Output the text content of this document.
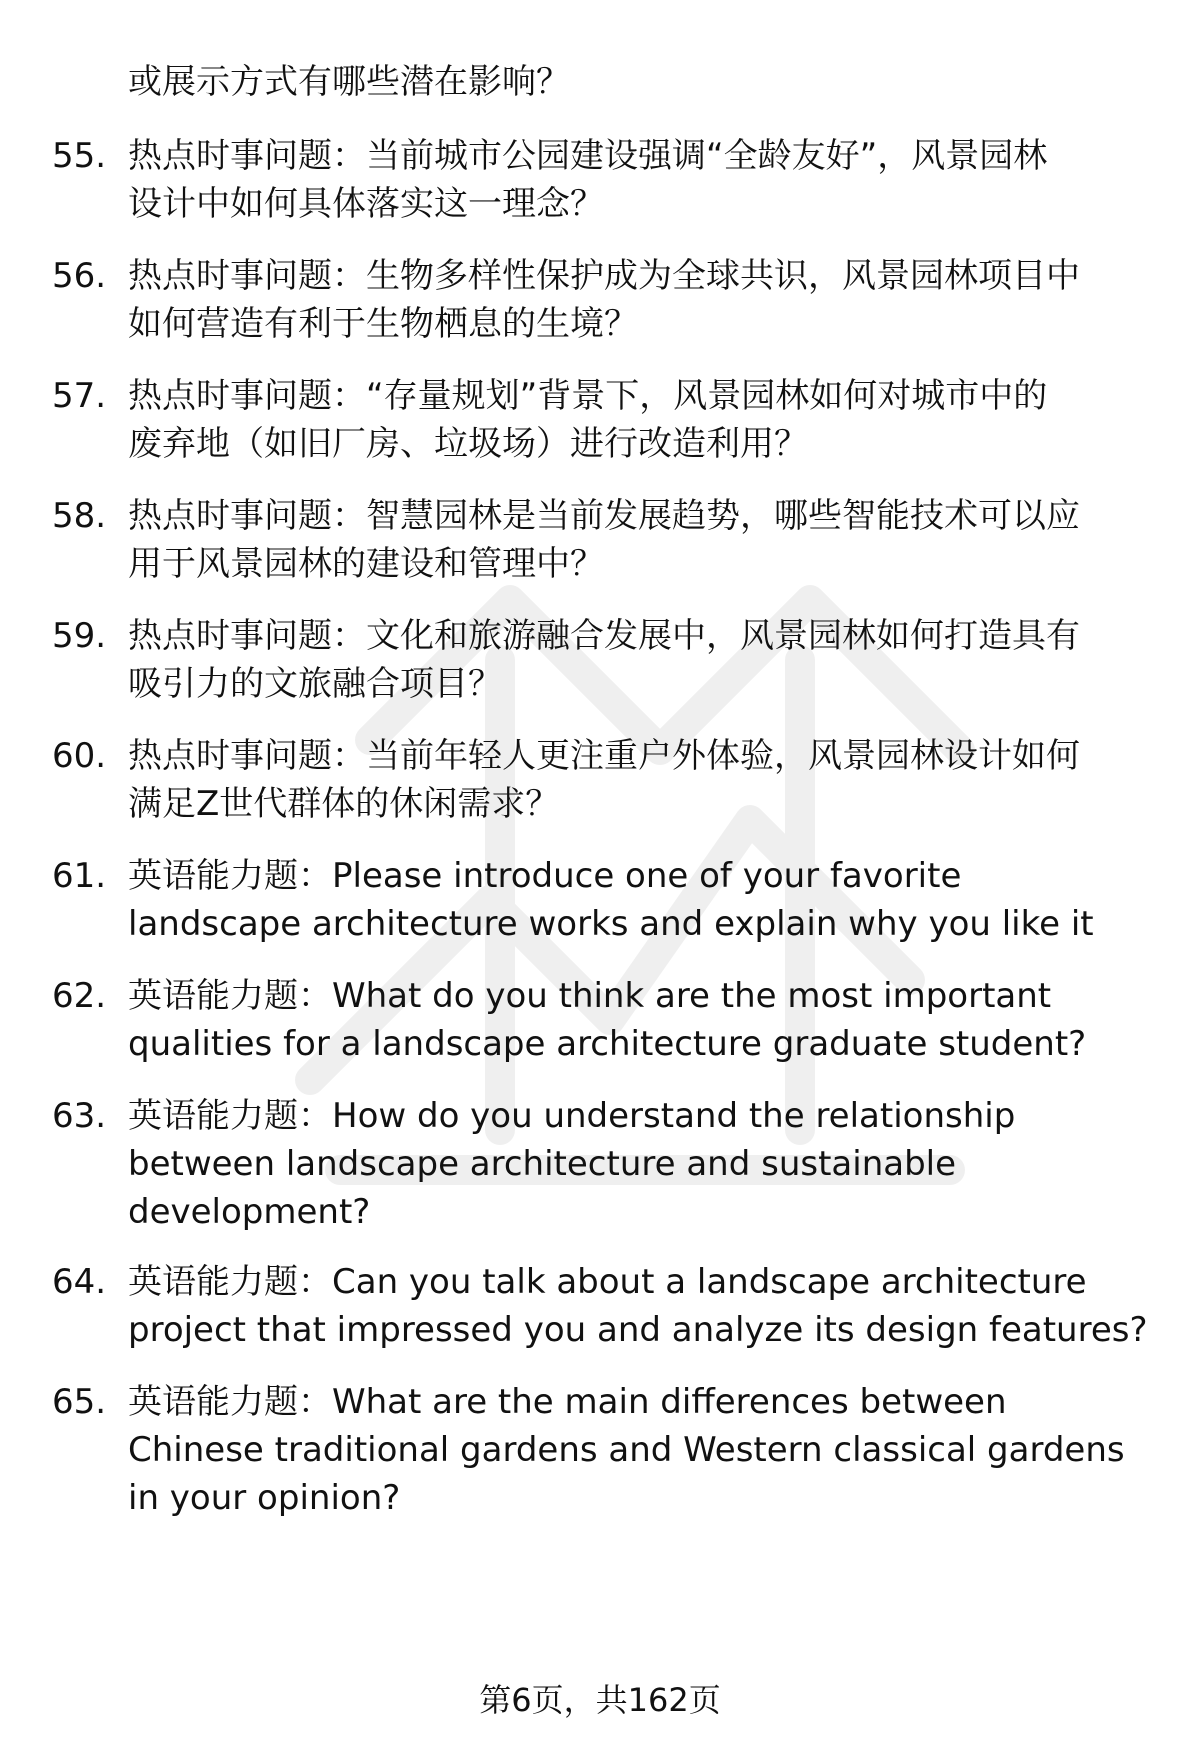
或展示方式有哪些潜在影响？
55. 热点时事问题：当前城市公园建设强调“全龄友好”，风景园林
设计中如何具体落实这一理念？
56. 热点时事问题：生物多样性保护成为全球共识，风景园林项目中
如何营造有利于生物栖息的生境？
57. 热点时事问题：“存量规划”背景下，风景园林如何对城市中的
废弃地（如旧厂房、垃圾场）进行改造利用？
58. 热点时事问题：智慧园林是当前发展趋势，哪些智能技术可以应
用于风景园林的建设和管理中？
59. 热点时事问题：文化和旅游融合发展中，风景园林如何打造具有
吸引力的文旅融合项目？
60. 热点时事问题：当前年轻人更注重户外体验，风景园林设计如何
满足Z世代群体的休闲需求？
61. 英语能力题：Please introduce one of your favorite
landscape architecture works and explain why you like it
62. 英语能力题：What do you think are the most important
qualities for a landscape architecture graduate student?
63. 英语能力题：How do you understand the relationship
between landscape architecture and sustainable
development?
64. 英语能力题：Can you talk about a landscape architecture
project that impressed you and analyze its design features?
65. 英语能力题：What are the main differences between
Chinese traditional gardens and Western classical gardens
in your opinion?
第6页，共162页
